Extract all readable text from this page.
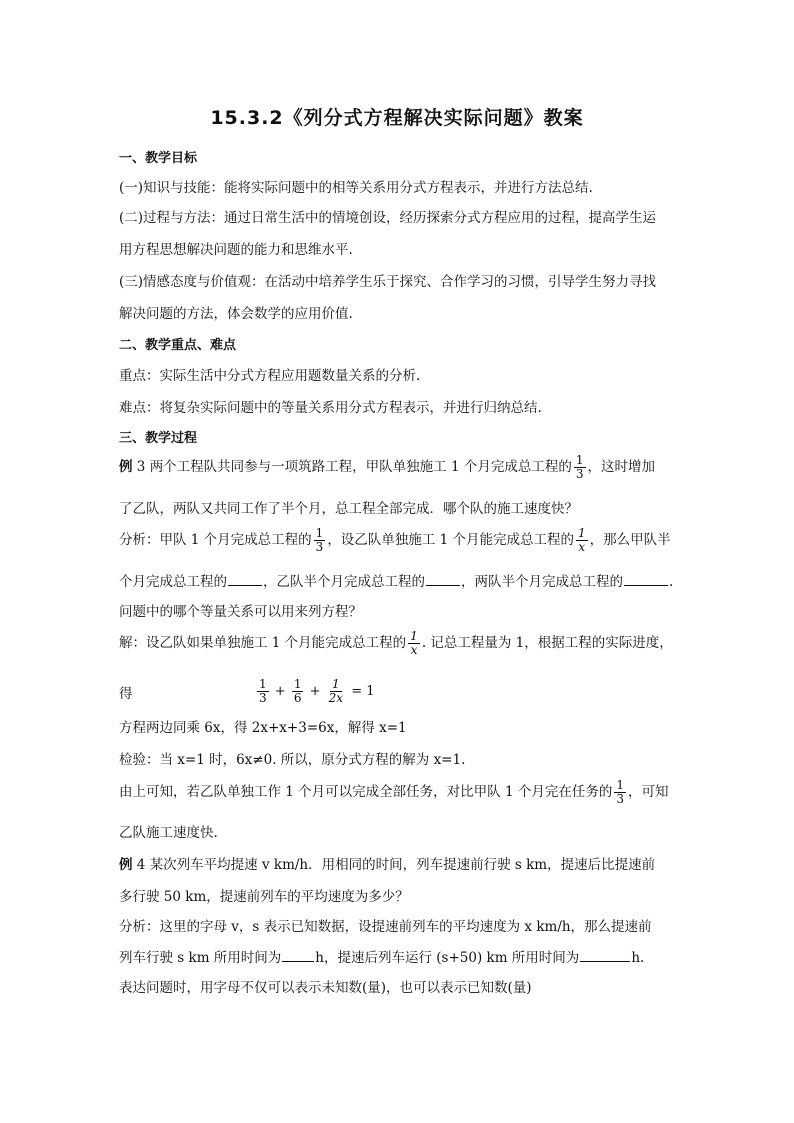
15.3.2《列分式方程解决实际问题》教案
一、教学目标
(一)知识与技能：能将实际问题中的相等关系用分式方程表示，并进行方法总结.
(二)过程与方法：通过日常生活中的情境创设，经历探索分式方程应用的过程，提高学生运
用方程思想解决问题的能力和思维水平.
(三)情感态度与价值观：在活动中培养学生乐于探究、合作学习的习惯，引导学生努力寻找
解决问题的方法，体会数学的应用价值.
二、教学重点、难点
重点：实际生活中分式方程应用题数量关系的分析.
难点：将复杂实际问题中的等量关系用分式方程表示，并进行归纳总结.
三、教学过程
例 3 两个工程队共同参与一项筑路工程，甲队单独施工 1 个月完成总工程的 $\frac{1}{3}$ ，这时增加
了乙队，两队又共同工作了半个月，总工程全部完成．哪个队的施工速度快？
分析：甲队 1 个月完成总工程的 $\frac{1}{3}$ ，设乙队单独施工 1 个月能完成总工程的 $\frac{1}{x}$ ，那么甲队半
个月完成总工程的	，乙队半个月完成总工程的	，两队半个月完成总工程的	.
问题中的哪个等量关系可以用来列方程？
解：设乙队如果单独施工 1 个月能完成总工程的 $\frac{1}{x}$ . 记总工程量为 1，根据工程的实际进度，
得	$\frac{1}{3} + \frac{1}{6} + \frac{1}{2x} = 1$
方程两边同乘 6x，得 2x+x+3=6x，解得 x=1
检验：当 x=1 时，6x≠0. 所以，原分式方程的解为 x=1.
由上可知，若乙队单独工作 1 个月可以完成全部任务，对比甲队 1 个月完在任务的 $\frac{1}{3}$ ，可知
乙队施工速度快.
例 4 某次列车平均提速 v km/h．用相同的时间，列车提速前行驶 s km，提速后比提速前
多行驶 50 km，提速前列车的平均速度为多少？
分析：这里的字母 v，s 表示已知数据，设提速前列车的平均速度为 x km/h，那么提速前
列车行驶 s km 所用时间为	h，提速后列车运行 (s+50) km 所用时间为	h.
表达问题时，用字母不仅可以表示未知数(量)，也可以表示已知数(量)
